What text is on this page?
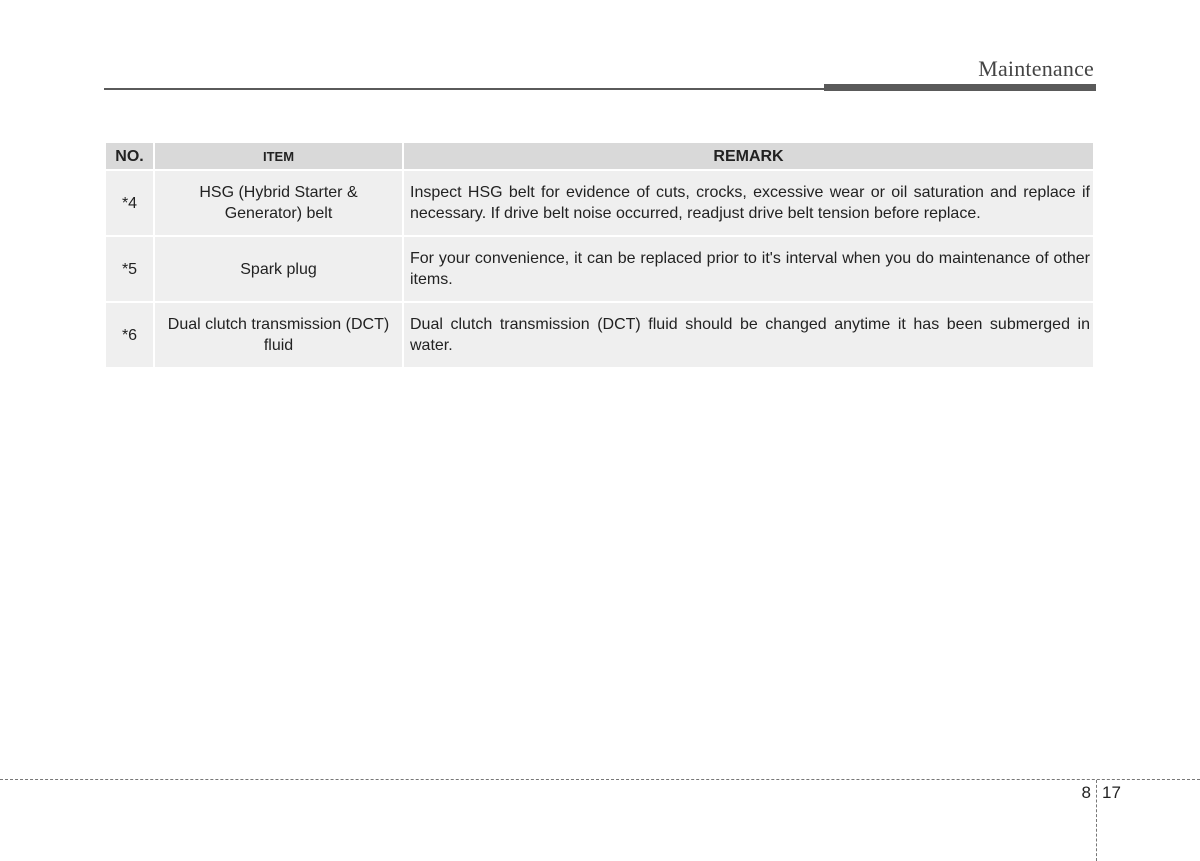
Maintenance
NO.	ITEM	REMARK
*4	HSG (Hybrid Starter & Generator) belt	Inspect HSG belt for evidence of cuts, crocks, excessive wear or oil saturation and replace if necessary. If drive belt noise occurred, readjust drive belt tension before replace.
*5	Spark plug	For your convenience, it can be replaced prior to it's interval when you do maintenance of other items.
*6	Dual clutch transmission (DCT) fluid	Dual clutch transmission (DCT) fluid should be changed anytime it has been submerged in water.
8 17
